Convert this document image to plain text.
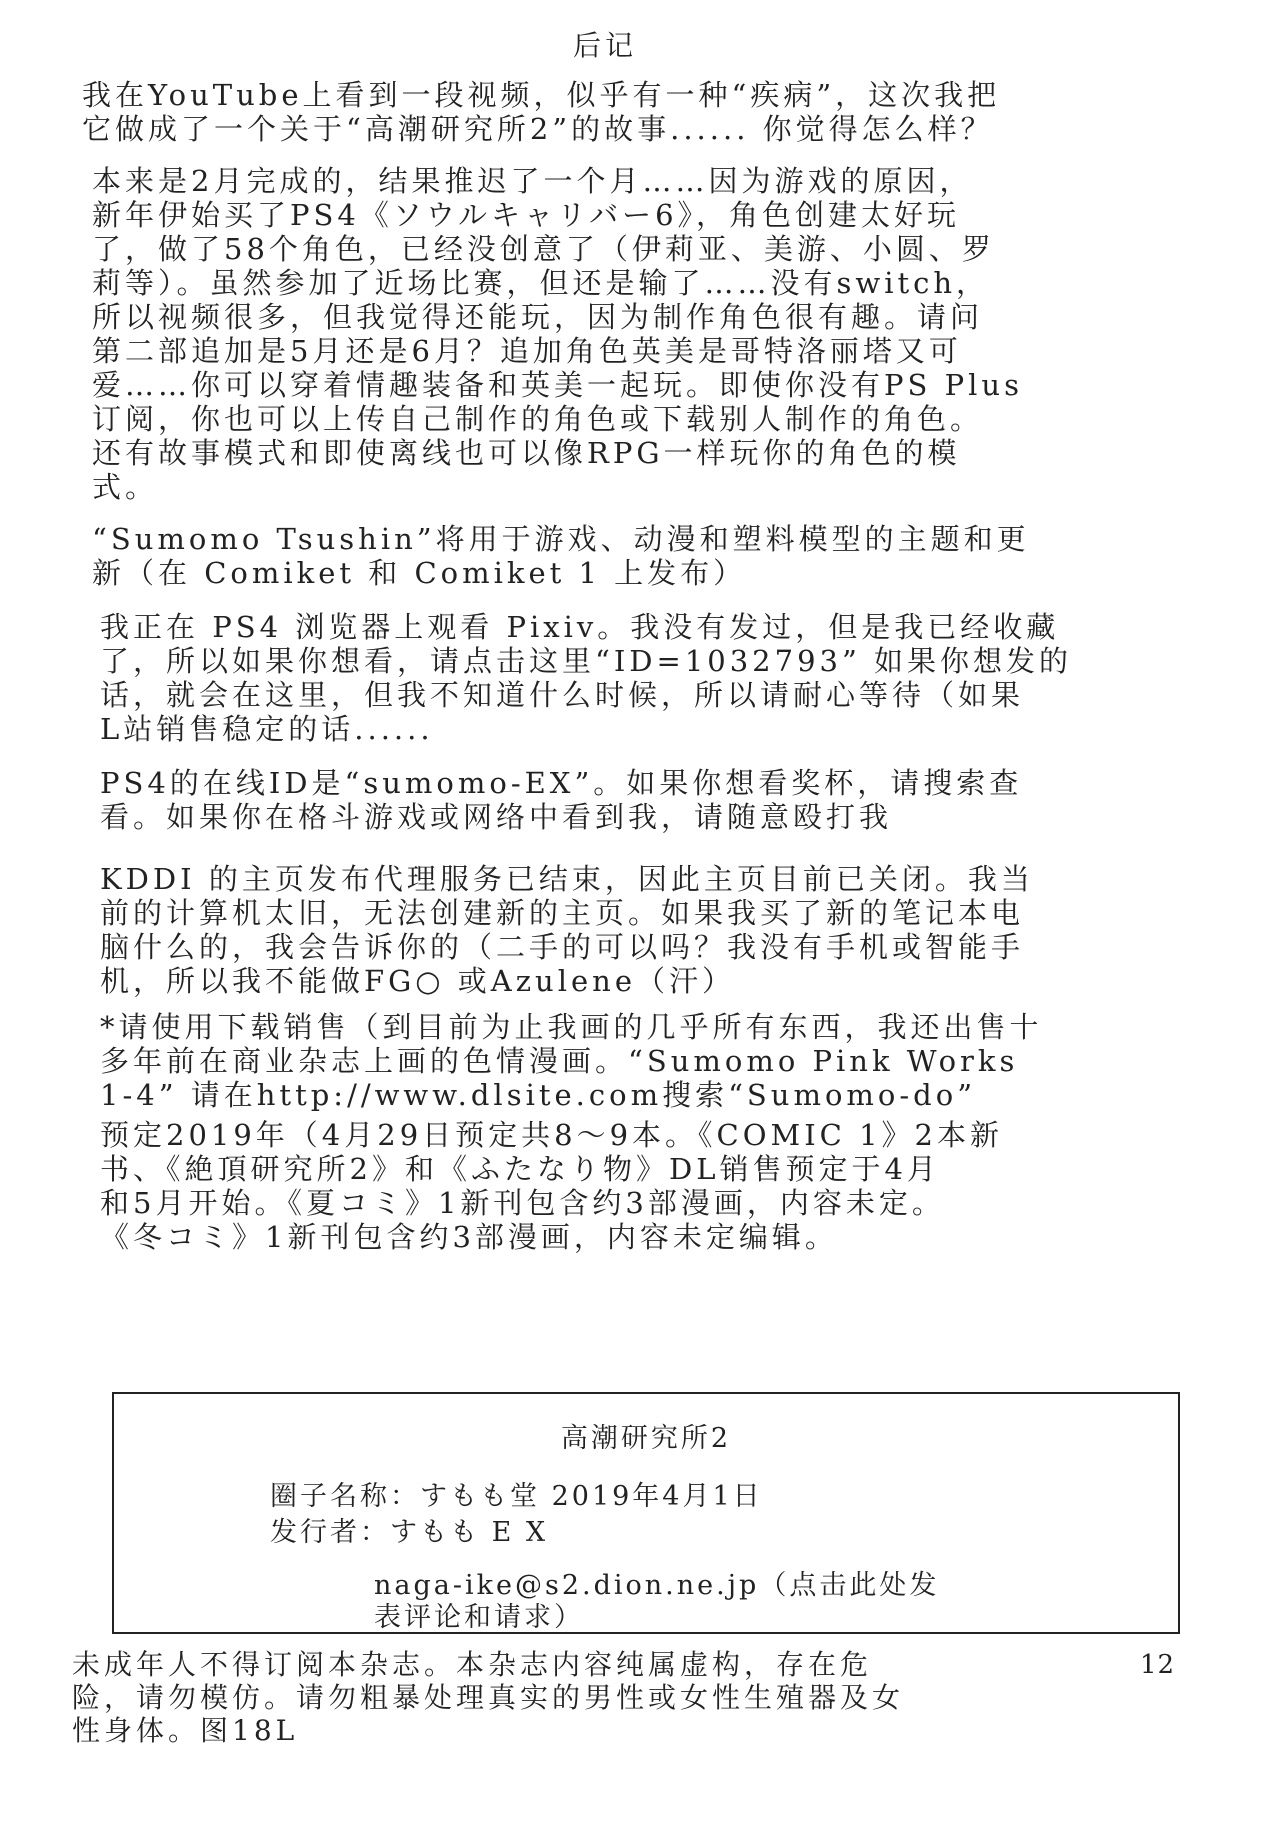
后记

我在YouTube上看到一段视频，似乎有一种“疾病”，这次我把
它做成了一个关于“高潮研究所2”的故事...... 你觉得怎么样？

本来是2月完成的，结果推迟了一个月……因为游戏的原因，
新年伊始买了PS4《ソウルキャリバー6》，角色创建太好玩
了，做了58个角色，已经没创意了（伊莉亚、美游、小圆、罗
莉等）。虽然参加了近场比赛，但还是输了……没有switch，
所以视频很多，但我觉得还能玩，因为制作角色很有趣。请问
第二部追加是5月还是6月？追加角色英美是哥特洛丽塔又可
爱……你可以穿着情趣装备和英美一起玩。即使你没有PS Plus
订阅，你也可以上传自己制作的角色或下载别人制作的角色。
还有故事模式和即使离线也可以像RPG一样玩你的角色的模
式。

“Sumomo Tsushin”将用于游戏、动漫和塑料模型的主题和更
新（在 Comiket 和 Comiket 1 上发布）

我正在 PS4 浏览器上观看 Pixiv。我没有发过，但是我已经收藏
了，所以如果你想看，请点击这里“ID=1032793” 如果你想发的
话，就会在这里，但我不知道什么时候，所以请耐心等待（如果
L站销售稳定的话......

PS4的在线ID是“sumomo-EX”。如果你想看奖杯，请搜索查
看。如果你在格斗游戏或网络中看到我，请随意殴打我

KDDI 的主页发布代理服务已结束，因此主页目前已关闭。我当
前的计算机太旧，无法创建新的主页。如果我买了新的笔记本电
脑什么的，我会告诉你的（二手的可以吗？我没有手机或智能手
机，所以我不能做FG○ 或Azulene（汗）

*请使用下载销售（到目前为止我画的几乎所有东西，我还出售十
多年前在商业杂志上画的色情漫画。“Sumomo Pink Works
1-4” 请在http://www.dlsite.com搜索“Sumomo-do”

预定2019年（4月29日预定共8～9本。《COMIC 1》2本新
书、《絶頂研究所2》和《ふたなり物》DL销售预定于4月
和5月开始。《夏コミ》1新刊包含约3部漫画，内容未定。
《冬コミ》1新刊包含约3部漫画，内容未定编辑。

高潮研究所2
圈子名称：すもも堂 2019年4月1日
发行者：すもも E X
naga-ike@s2.dion.ne.jp（点击此处发
表评论和请求）

未成年人不得订阅本杂志。本杂志内容纯属虚构，存在危
险，请勿模仿。请勿粗暴处理真实的男性或女性生殖器及女
性身体。图18L

12
